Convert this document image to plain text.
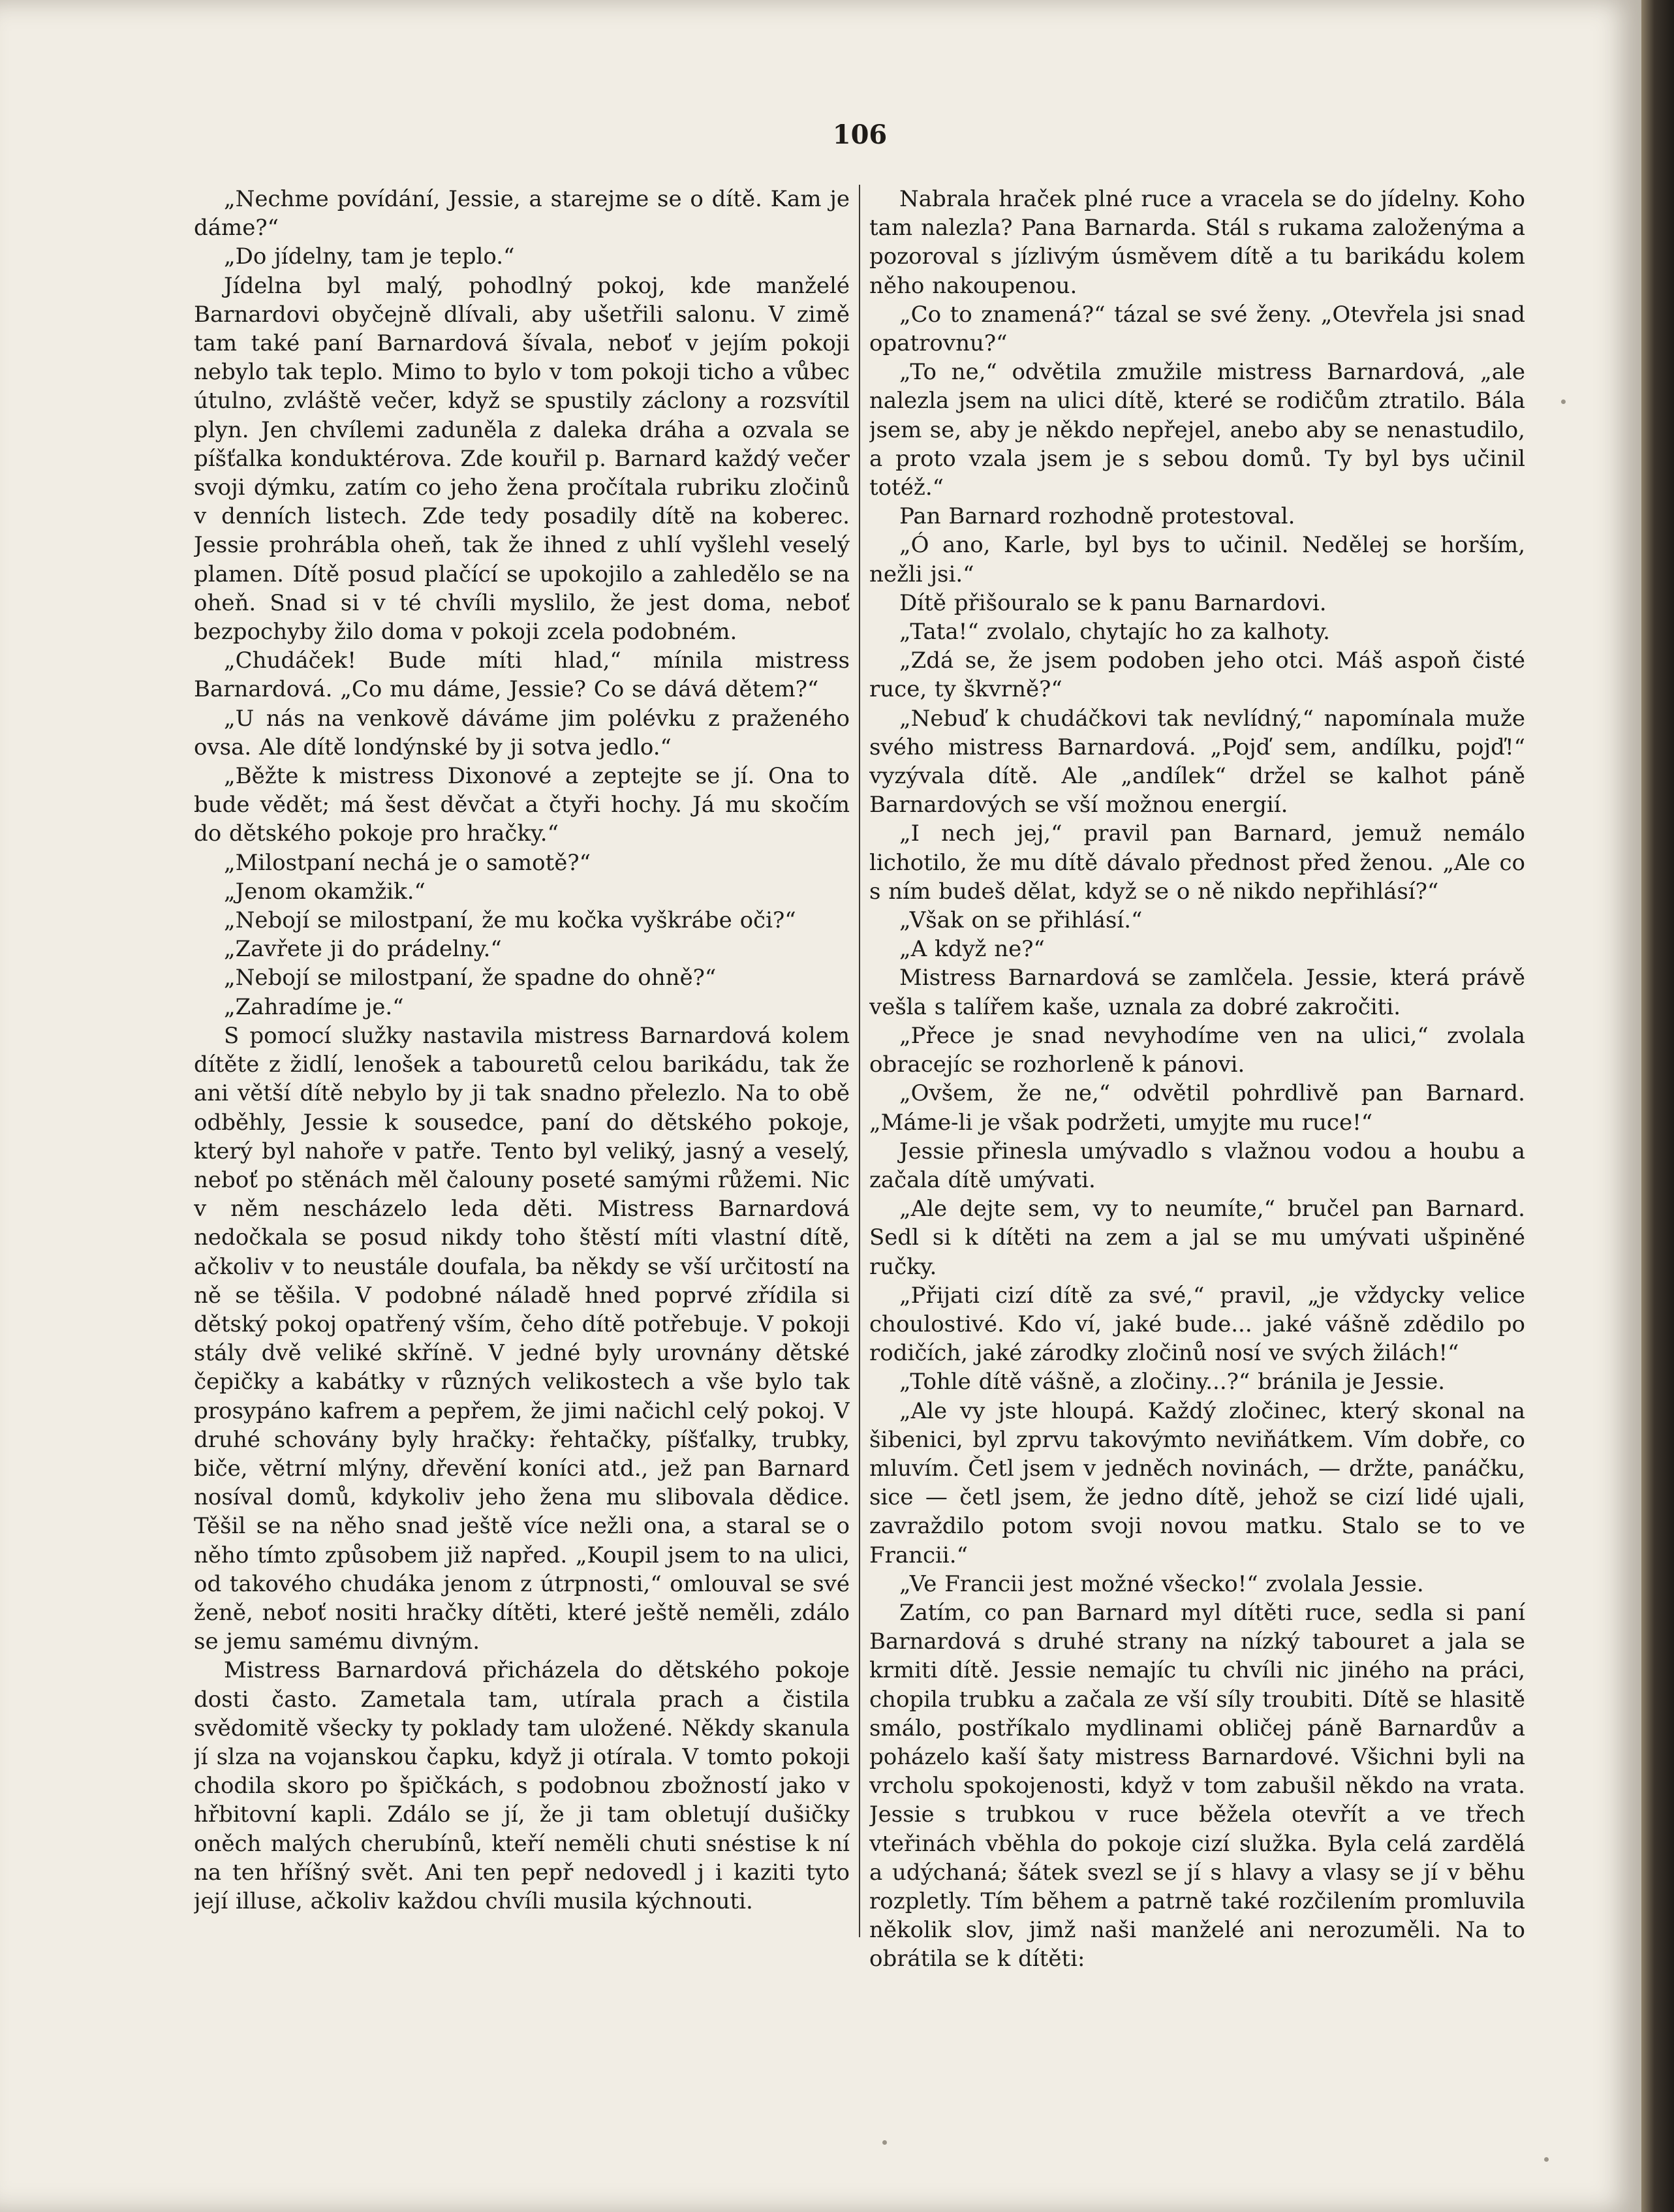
106

„Nechme povídání, Jessie, a starejme se o dítě. Kam je dáme?“

„Do jídelny, tam je teplo.“

Jídelna byl malý, pohodlný pokoj, kde manželé Barnardovi obyčejně dlívali, aby ušetřili salonu. V zimě tam také paní Barnardová šívala, neboť v jejím pokoji nebylo tak teplo. Mimo to bylo v tom pokoji ticho a vůbec útulno, zvláště večer, když se spustily záclony a rozsvítil plyn. Jen chvílemi zaduněla z daleka dráha a ozvala se píšťalka konduktérova. Zde kouřil p. Barnard každý večer svoji dýmku, zatím co jeho žena pročítala rubriku zločinů v denních listech. Zde tedy posadily dítě na koberec. Jessie prohrábla oheň, tak že ihned z uhlí vyšlehl veselý plamen. Dítě posud plačící se upokojilo a zahledělo se na oheň. Snad si v té chvíli myslilo, že jest doma, neboť bezpochyby žilo doma v pokoji zcela podobném.

„Chudáček! Bude míti hlad,“ mínila mistress Barnardová. „Co mu dáme, Jessie? Co se dává dětem?“

„U nás na venkově dáváme jim polévku z praženého ovsa. Ale dítě londýnské by ji sotva jedlo.“

„Běžte k mistress Dixonové a zeptejte se jí. Ona to bude vědět; má šest děvčat a čtyři hochy. Já mu skočím do dětského pokoje pro hračky.“

„Milostpaní nechá je o samotě?“

„Jenom okamžik.“

„Nebojí se milostpaní, že mu kočka vyškrábe oči?“

„Zavřete ji do prádelny.“

„Nebojí se milostpaní, že spadne do ohně?“

„Zahradíme je.“

S pomocí služky nastavila mistress Barnardová kolem dítěte z židlí, lenošek a tabouretů celou barikádu, tak že ani větší dítě nebylo by ji tak snadno přelezlo. Na to obě odběhly, Jessie k sousedce, paní do dětského pokoje, který byl nahoře v patře. Tento byl veliký, jasný a veselý, neboť po stěnách měl čalouny poseté samými růžemi. Nic v něm nescházelo leda děti. Mistress Barnardová nedočkala se posud nikdy toho štěstí míti vlastní dítě, ačkoliv v to neustále doufala, ba někdy se vší určitostí na ně se těšila. V podobné náladě hned poprvé zřídila si dětský pokoj opatřený vším, čeho dítě potřebuje. V pokoji stály dvě veliké skříně. V jedné byly urovnány dětské čepičky a kabátky v různých velikostech a vše bylo tak prosypáno kafrem a pepřem, že jimi načichl celý pokoj. V druhé schovány byly hračky: řehtačky, píšťalky, trubky, biče, větrní mlýny, dřevění koníci atd., jež pan Barnard nosíval domů, kdykoliv jeho žena mu slibovala dědice. Těšil se na něho snad ještě více nežli ona, a staral se o něho tímto způsobem již napřed. „Koupil jsem to na ulici, od takového chudáka jenom z útrpnosti,“ omlouval se své ženě, neboť nositi hračky dítěti, které ještě neměli, zdálo se jemu samému divným.

Mistress Barnardová přicházela do dětského pokoje dosti často. Zametala tam, utírala prach a čistila svědomitě všecky ty poklady tam uložené. Někdy skanula jí slza na vojanskou čapku, když ji otírala. V tomto pokoji chodila skoro po špičkách, s podobnou zbožností jako v hřbitovní kapli. Zdálo se jí, že ji tam obletují dušičky oněch malých cherubínů, kteří neměli chuti snéstise k ní na ten hříšný svět. Ani ten pepř nedovedl j i kaziti tyto její illuse, ačkoliv každou chvíli musila kýchnouti.

Nabrala hraček plné ruce a vracela se do jídelny. Koho tam nalezla? Pana Barnarda. Stál s rukama založenýma a pozoroval s jízlivým úsměvem dítě a tu barikádu kolem něho nakoupenou.

„Co to znamená?“ tázal se své ženy. „Otevřela jsi snad opatrovnu?“

„To ne,“ odvětila zmužile mistress Barnardová, „ale nalezla jsem na ulici dítě, které se rodičům ztratilo. Bála jsem se, aby je někdo nepřejel, anebo aby se nenastudilo, a proto vzala jsem je s sebou domů. Ty byl bys učinil totéž.“

Pan Barnard rozhodně protestoval.

„Ó ano, Karle, byl bys to učinil. Nedělej se horším, nežli jsi.“

Dítě přišouralo se k panu Barnardovi.

„Tata!“ zvolalo, chytajíc ho za kalhoty.

„Zdá se, že jsem podoben jeho otci. Máš aspoň čisté ruce, ty škvrně?“

„Nebuď k chudáčkovi tak nevlídný,“ napomínala muže svého mistress Barnardová. „Pojď sem, andílku, pojď!“ vyzývala dítě. Ale „andílek“ držel se kalhot páně Barnardových se vší možnou energií.

„I nech jej,“ pravil pan Barnard, jemuž nemálo lichotilo, že mu dítě dávalo přednost před ženou. „Ale co s ním budeš dělat, když se o ně nikdo nepřihlásí?“

„Však on se přihlásí.“

„A když ne?“

Mistress Barnardová se zamlčela. Jessie, která právě vešla s talířem kaše, uznala za dobré zakročiti.

„Přece je snad nevyhodíme ven na ulici,“ zvolala obracejíc se rozhorleně k pánovi.

„Ovšem, že ne,“ odvětil pohrdlivě pan Barnard. „Máme-li je však podržeti, umyjte mu ruce!“

Jessie přinesla umývadlo s vlažnou vodou a houbu a začala dítě umývati.

„Ale dejte sem, vy to neumíte,“ bručel pan Barnard. Sedl si k dítěti na zem a jal se mu umývati ušpiněné ručky.

„Přijati cizí dítě za své,“ pravil, „je vždycky velice choulostivé. Kdo ví, jaké bude... jaké vášně zdědilo po rodičích, jaké zárodky zločinů nosí ve svých žilách!“

„Tohle dítě vášně, a zločiny...?“ bránila je Jessie.

„Ale vy jste hloupá. Každý zločinec, který skonal na šibenici, byl zprvu takovýmto neviňátkem. Vím dobře, co mluvím. Četl jsem v jedněch novinách, — držte, panáčku, sice — četl jsem, že jedno dítě, jehož se cizí lidé ujali, zavraždilo potom svoji novou matku. Stalo se to ve Francii.“

„Ve Francii jest možné všecko!“ zvolala Jessie.

Zatím, co pan Barnard myl dítěti ruce, sedla si paní Barnardová s druhé strany na nízký tabouret a jala se krmiti dítě. Jessie nemajíc tu chvíli nic jiného na práci, chopila trubku a začala ze vší síly troubiti. Dítě se hlasitě smálo, postříkalo mydlinami obličej páně Barnardův a poházelo kaší šaty mistress Barnardové. Všichni byli na vrcholu spokojenosti, když v tom zabušil někdo na vrata. Jessie s trubkou v ruce běžela otevřít a ve třech vteřinách vběhla do pokoje cizí služka. Byla celá zardělá a udýchaná; šátek svezl se jí s hlavy a vlasy se jí v běhu rozpletly. Tím během a patrně také rozčilením promluvila několik slov, jimž naši manželé ani nerozuměli. Na to obrátila se k dítěti:
